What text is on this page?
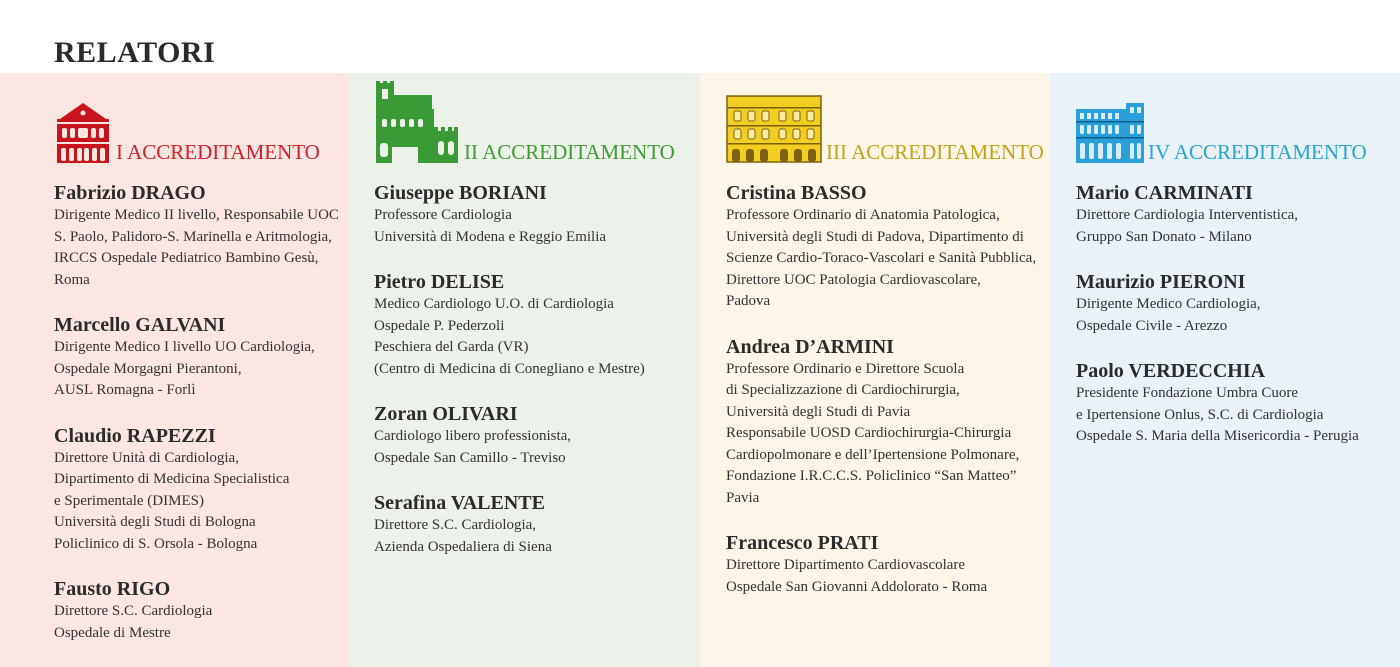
RELATORI
I ACCREDITAMENTO
Fabrizio DRAGO
Dirigente Medico II livello, Responsabile UOC
S. Paolo, Palidoro-S. Marinella e Aritmologia,
IRCCS Ospedale Pediatrico Bambino Gesù,
Roma
Marcello GALVANI
Dirigente Medico I livello UO Cardiologia,
Ospedale Morgagni Pierantoni,
AUSL Romagna - Forlì
Claudio RAPEZZI
Direttore Unità di Cardiologia,
Dipartimento di Medicina Specialistica
e Sperimentale (DIMES)
Università degli Studi di Bologna
Policlinico di S. Orsola - Bologna
Fausto RIGO
Direttore S.C. Cardiologia
Ospedale di Mestre
II ACCREDITAMENTO
Giuseppe BORIANI
Professore Cardiologia
Università di Modena e Reggio Emilia
Pietro DELISE
Medico Cardiologo U.O. di Cardiologia
Ospedale P. Pederzoli
Peschiera del Garda (VR)
(Centro di Medicina di Conegliano e Mestre)
Zoran OLIVARI
Cardiologo libero professionista,
Ospedale San Camillo - Treviso
Serafina VALENTE
Direttore S.C. Cardiologia,
Azienda Ospedaliera di Siena
III ACCREDITAMENTO
Cristina BASSO
Professore Ordinario di Anatomia Patologica,
Università degli Studi di Padova, Dipartimento di
Scienze Cardio-Toraco-Vascolari e Sanità Pubblica,
Direttore UOC Patologia Cardiovascolare,
Padova
Andrea D’ARMINI
Professore Ordinario e Direttore Scuola
di Specializzazione di Cardiochirurgia,
Università degli Studi di Pavia
Responsabile UOSD Cardiochirurgia-Chirurgia
Cardiopolmonare e dell’Ipertensione Polmonare,
Fondazione I.R.C.C.S. Policlinico “San Matteo”
Pavia
Francesco PRATI
Direttore Dipartimento Cardiovascolare
Ospedale San Giovanni Addolorato - Roma
IV ACCREDITAMENTO
Mario CARMINATI
Direttore Cardiologia Interventistica,
Gruppo San Donato - Milano
Maurizio PIERONI
Dirigente Medico Cardiologia,
Ospedale Civile - Arezzo
Paolo VERDECCHIA
Presidente Fondazione Umbra Cuore
e Ipertensione Onlus, S.C. di Cardiologia
Ospedale S. Maria della Misericordia - Perugia
